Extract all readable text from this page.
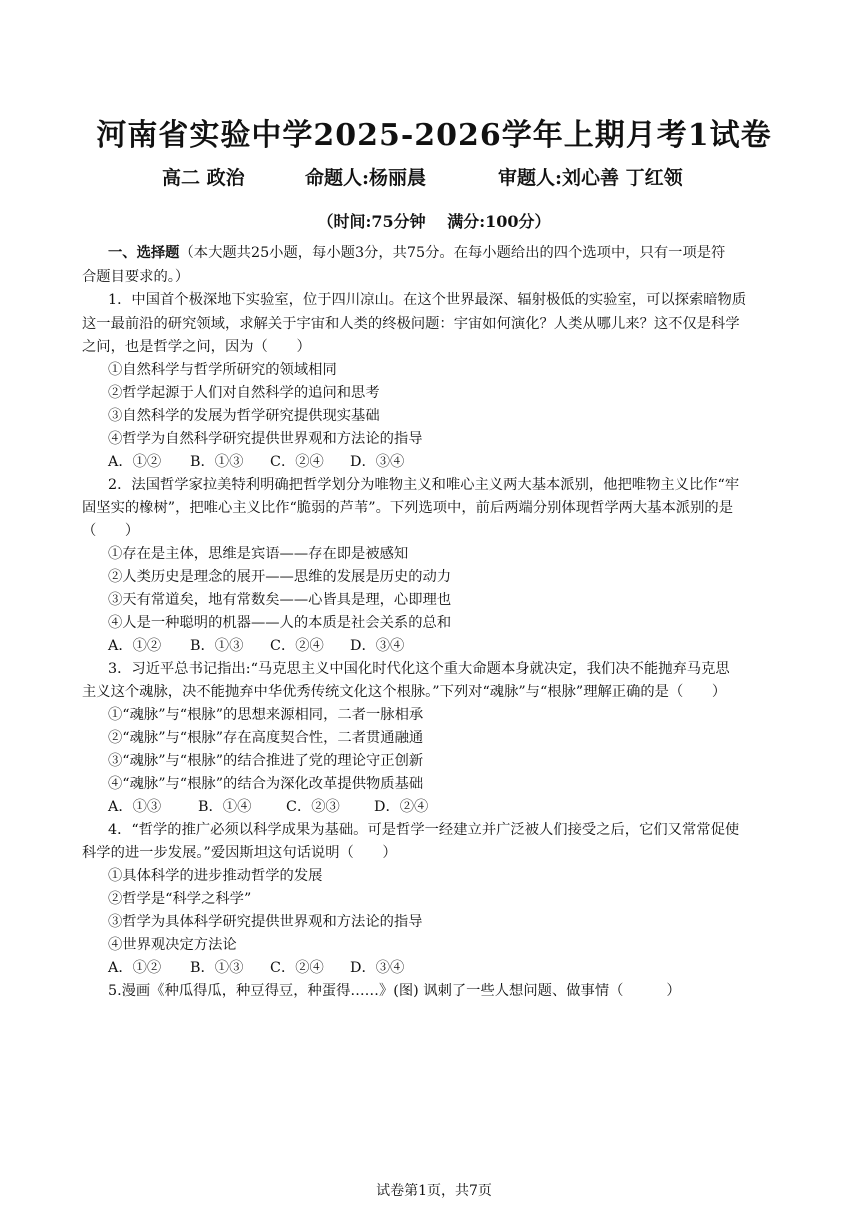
河南省实验中学2025-2026学年上期月考1试卷
高二 政治	命题人:杨丽晨	审题人:刘心善 丁红领
（时间:75分钟　 满分:100分）
一、选择题（本大题共25小题，每小题3分，共75分。在每小题给出的四个选项中，只有一项是符
合题目要求的。）
1．中国首个极深地下实验室，位于四川凉山。在这个世界最深、辐射极低的实验室，可以探索暗物质
这一最前沿的研究领域，求解关于宇宙和人类的终极问题：宇宙如何演化？人类从哪儿来？这不仅是科学
之问，也是哲学之问，因为（　　）
①自然科学与哲学所研究的领域相同
②哲学起源于人们对自然科学的追问和思考
③自然科学的发展为哲学研究提供现实基础
④哲学为自然科学研究提供世界观和方法论的指导
A．①② B．①③ C．②④ D．③④
2．法国哲学家拉美特利明确把哲学划分为唯物主义和唯心主义两大基本派别，他把唯物主义比作“牢
固坚实的橡树”，把唯心主义比作“脆弱的芦苇”。下列选项中，前后两端分别体现哲学两大基本派别的是
（　　）
①存在是主体，思维是宾语——存在即是被感知
②人类历史是理念的展开——思维的发展是历史的动力
③天有常道矣，地有常数矣——心皆具是理，心即理也
④人是一种聪明的机器——人的本质是社会关系的总和
A．①② B．①③ C．②④ D．③④
3．习近平总书记指出:“马克思主义中国化时代化这个重大命题本身就决定，我们决不能抛弃马克思
主义这个魂脉，决不能抛弃中华优秀传统文化这个根脉。”下列对“魂脉”与“根脉”理解正确的是（　　）
①“魂脉”与“根脉”的思想来源相同，二者一脉相承
②“魂脉”与“根脉”存在高度契合性，二者贯通融通
③“魂脉”与“根脉”的结合推进了党的理论守正创新
④“魂脉”与“根脉”的结合为深化改革提供物质基础
A．①③	B．①④ C．②③ D．②④
4．“哲学的推广必须以科学成果为基础。可是哲学一经建立并广泛被人们接受之后，它们又常常促使
科学的进一步发展。”爱因斯坦这句话说明（　　）
①具体科学的进步推动哲学的发展
②哲学是“科学之科学”
③哲学为具体科学研究提供世界观和方法论的指导
④世界观决定方法论
A．①② B．①③ C．②④ D．③④
5.漫画《种瓜得瓜，种豆得豆，种蛋得……》(图) 讽刺了一些人想问题、做事情（　　　）
试卷第1页，共7页
